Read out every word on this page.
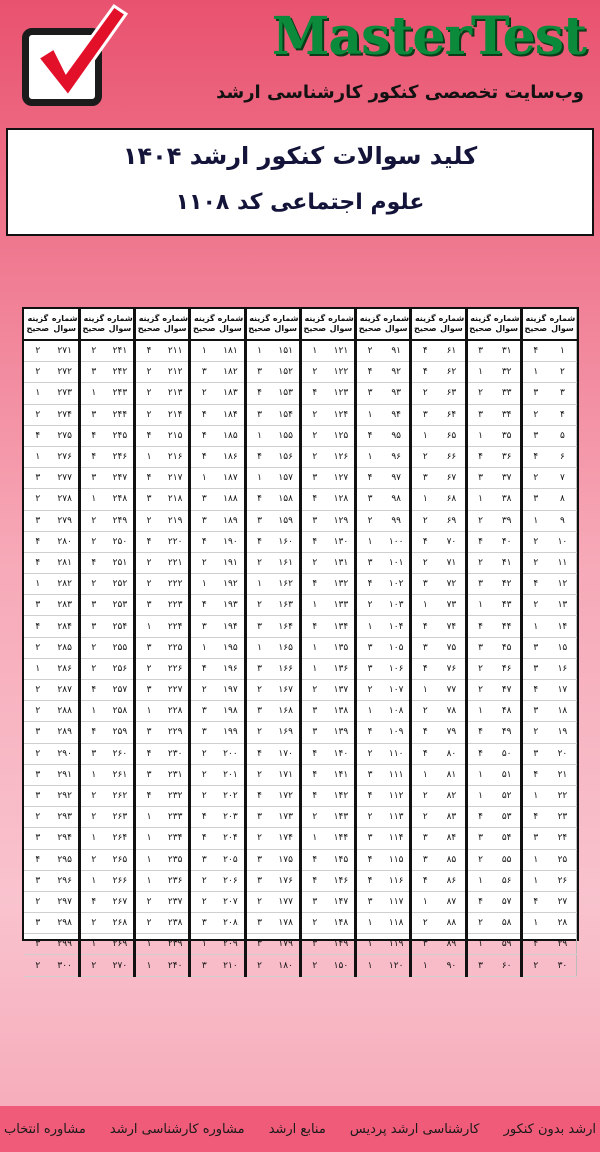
MasterTest
وب‌سایت تخصصی کنکور کارشناسی ارشد
کلید سوالات کنکور ارشد ۱۴۰۴
علوم اجتماعی کد ۱۱۰۸
شماره سوال	گزینه صحیح	شماره سوال	گزینه صحیح	شماره سوال	گزینه صحیح	شماره سوال	گزینه صحیح	شماره سوال	گزینه صحیح	شماره سوال	گزینه صحیح	شماره سوال	گزینه صحیح	شماره سوال	گزینه صحیح	شماره سوال	گزینه صحیح	شماره سوال	گزینه صحیح
۱	۴	۳۱	۳	۶۱	۴	۹۱	۲	۱۲۱	۱	۱۵۱	۱	۱۸۱	۱	۲۱۱	۴	۲۴۱	۲	۲۷۱	۲
۲	۱	۳۲	۱	۶۲	۴	۹۲	۴	۱۲۲	۲	۱۵۲	۳	۱۸۲	۳	۲۱۲	۲	۲۴۲	۳	۲۷۲	۲
۳	۳	۳۳	۲	۶۳	۲	۹۳	۳	۱۲۳	۴	۱۵۳	۴	۱۸۳	۲	۲۱۳	۲	۲۴۳	۱	۲۷۳	۱
۴	۲	۳۴	۳	۶۴	۳	۹۴	۱	۱۲۴	۲	۱۵۴	۳	۱۸۴	۴	۲۱۴	۲	۲۴۴	۳	۲۷۴	۲
۵	۳	۳۵	۱	۶۵	۱	۹۵	۴	۱۲۵	۲	۱۵۵	۱	۱۸۵	۴	۲۱۵	۴	۲۴۵	۴	۲۷۵	۴
۶	۴	۳۶	۴	۶۶	۲	۹۶	۱	۱۲۶	۲	۱۵۶	۴	۱۸۶	۴	۲۱۶	۱	۲۴۶	۴	۲۷۶	۱
۷	۲	۳۷	۳	۶۷	۳	۹۷	۴	۱۲۷	۳	۱۵۷	۱	۱۸۷	۱	۲۱۷	۴	۲۴۷	۳	۲۷۷	۳
۸	۳	۳۸	۱	۶۸	۱	۹۸	۳	۱۲۸	۴	۱۵۸	۴	۱۸۸	۳	۲۱۸	۳	۲۴۸	۱	۲۷۸	۲
۹	۱	۳۹	۲	۶۹	۲	۹۹	۲	۱۲۹	۳	۱۵۹	۳	۱۸۹	۳	۲۱۹	۲	۲۴۹	۲	۲۷۹	۳
۱۰	۲	۴۰	۴	۷۰	۴	۱۰۰	۱	۱۳۰	۴	۱۶۰	۴	۱۹۰	۴	۲۲۰	۴	۲۵۰	۲	۲۸۰	۴
۱۱	۲	۴۱	۲	۷۱	۲	۱۰۱	۳	۱۳۱	۲	۱۶۱	۲	۱۹۱	۲	۲۲۱	۲	۲۵۱	۴	۲۸۱	۴
۱۲	۴	۴۲	۳	۷۲	۳	۱۰۲	۴	۱۳۲	۴	۱۶۲	۱	۱۹۲	۱	۲۲۲	۲	۲۵۲	۲	۲۸۲	۱
۱۳	۲	۴۳	۱	۷۳	۱	۱۰۳	۲	۱۳۳	۱	۱۶۳	۲	۱۹۳	۴	۲۲۳	۳	۲۵۳	۳	۲۸۳	۳
۱۴	۱	۴۴	۴	۷۴	۴	۱۰۴	۱	۱۳۴	۴	۱۶۴	۳	۱۹۴	۳	۲۲۴	۱	۲۵۴	۳	۲۸۴	۴
۱۵	۳	۴۵	۳	۷۵	۳	۱۰۵	۳	۱۳۵	۱	۱۶۵	۱	۱۹۵	۱	۲۲۵	۳	۲۵۵	۲	۲۸۵	۲
۱۶	۳	۴۶	۲	۷۶	۴	۱۰۶	۳	۱۳۶	۱	۱۶۶	۳	۱۹۶	۴	۲۲۶	۲	۲۵۶	۲	۲۸۶	۱
۱۷	۴	۴۷	۲	۷۷	۱	۱۰۷	۲	۱۳۷	۲	۱۶۷	۲	۱۹۷	۲	۲۲۷	۳	۲۵۷	۴	۲۸۷	۲
۱۸	۳	۴۸	۱	۷۸	۲	۱۰۸	۱	۱۳۸	۳	۱۶۸	۳	۱۹۸	۳	۲۲۸	۱	۲۵۸	۱	۲۸۸	۲
۱۹	۲	۴۹	۴	۷۹	۴	۱۰۹	۴	۱۳۹	۳	۱۶۹	۲	۱۹۹	۳	۲۲۹	۳	۲۵۹	۴	۲۸۹	۳
۲۰	۳	۵۰	۴	۸۰	۴	۱۱۰	۲	۱۴۰	۴	۱۷۰	۴	۲۰۰	۲	۲۳۰	۴	۲۶۰	۳	۲۹۰	۲
۲۱	۴	۵۱	۱	۸۱	۱	۱۱۱	۳	۱۴۱	۴	۱۷۱	۲	۲۰۱	۲	۲۳۱	۳	۲۶۱	۱	۲۹۱	۳
۲۲	۱	۵۲	۱	۸۲	۲	۱۱۲	۴	۱۴۲	۴	۱۷۲	۴	۲۰۲	۲	۲۳۲	۴	۲۶۲	۲	۲۹۲	۳
۲۳	۴	۵۳	۴	۸۳	۲	۱۱۳	۲	۱۴۳	۲	۱۷۳	۳	۲۰۳	۴	۲۳۳	۱	۲۶۳	۲	۲۹۳	۲
۲۴	۳	۵۴	۳	۸۴	۳	۱۱۴	۳	۱۴۴	۱	۱۷۴	۲	۲۰۴	۴	۲۳۴	۱	۲۶۴	۱	۲۹۴	۳
۲۵	۱	۵۵	۲	۸۵	۳	۱۱۵	۴	۱۴۵	۴	۱۷۵	۳	۲۰۵	۳	۲۳۵	۱	۲۶۵	۲	۲۹۵	۴
۲۶	۱	۵۶	۱	۸۶	۴	۱۱۶	۴	۱۴۶	۴	۱۷۶	۳	۲۰۶	۲	۲۳۶	۱	۲۶۶	۱	۲۹۶	۳
۲۷	۴	۵۷	۴	۸۷	۱	۱۱۷	۳	۱۴۷	۳	۱۷۷	۲	۲۰۷	۲	۲۳۷	۲	۲۶۷	۴	۲۹۷	۲
۲۸	۱	۵۸	۲	۸۸	۲	۱۱۸	۱	۱۴۸	۲	۱۷۸	۳	۲۰۸	۳	۲۳۸	۲	۲۶۸	۲	۲۹۸	۳
۲۹	۴	۵۹	۱	۸۹	۳	۱۱۹	۱	۱۴۹	۳	۱۷۹	۳	۲۰۹	۱	۲۳۹	۱	۲۶۹	۱	۲۹۹	۳
۳۰	۲	۶۰	۳	۹۰	۱	۱۲۰	۱	۱۵۰	۲	۱۸۰	۲	۲۱۰	۳	۲۴۰	۱	۲۷۰	۲	۳۰۰	۲
ارشد بدون کنکور
کارشناسی ارشد پردیس
منابع ارشد
مشاوره کارشناسی ارشد
مشاوره انتخاب
